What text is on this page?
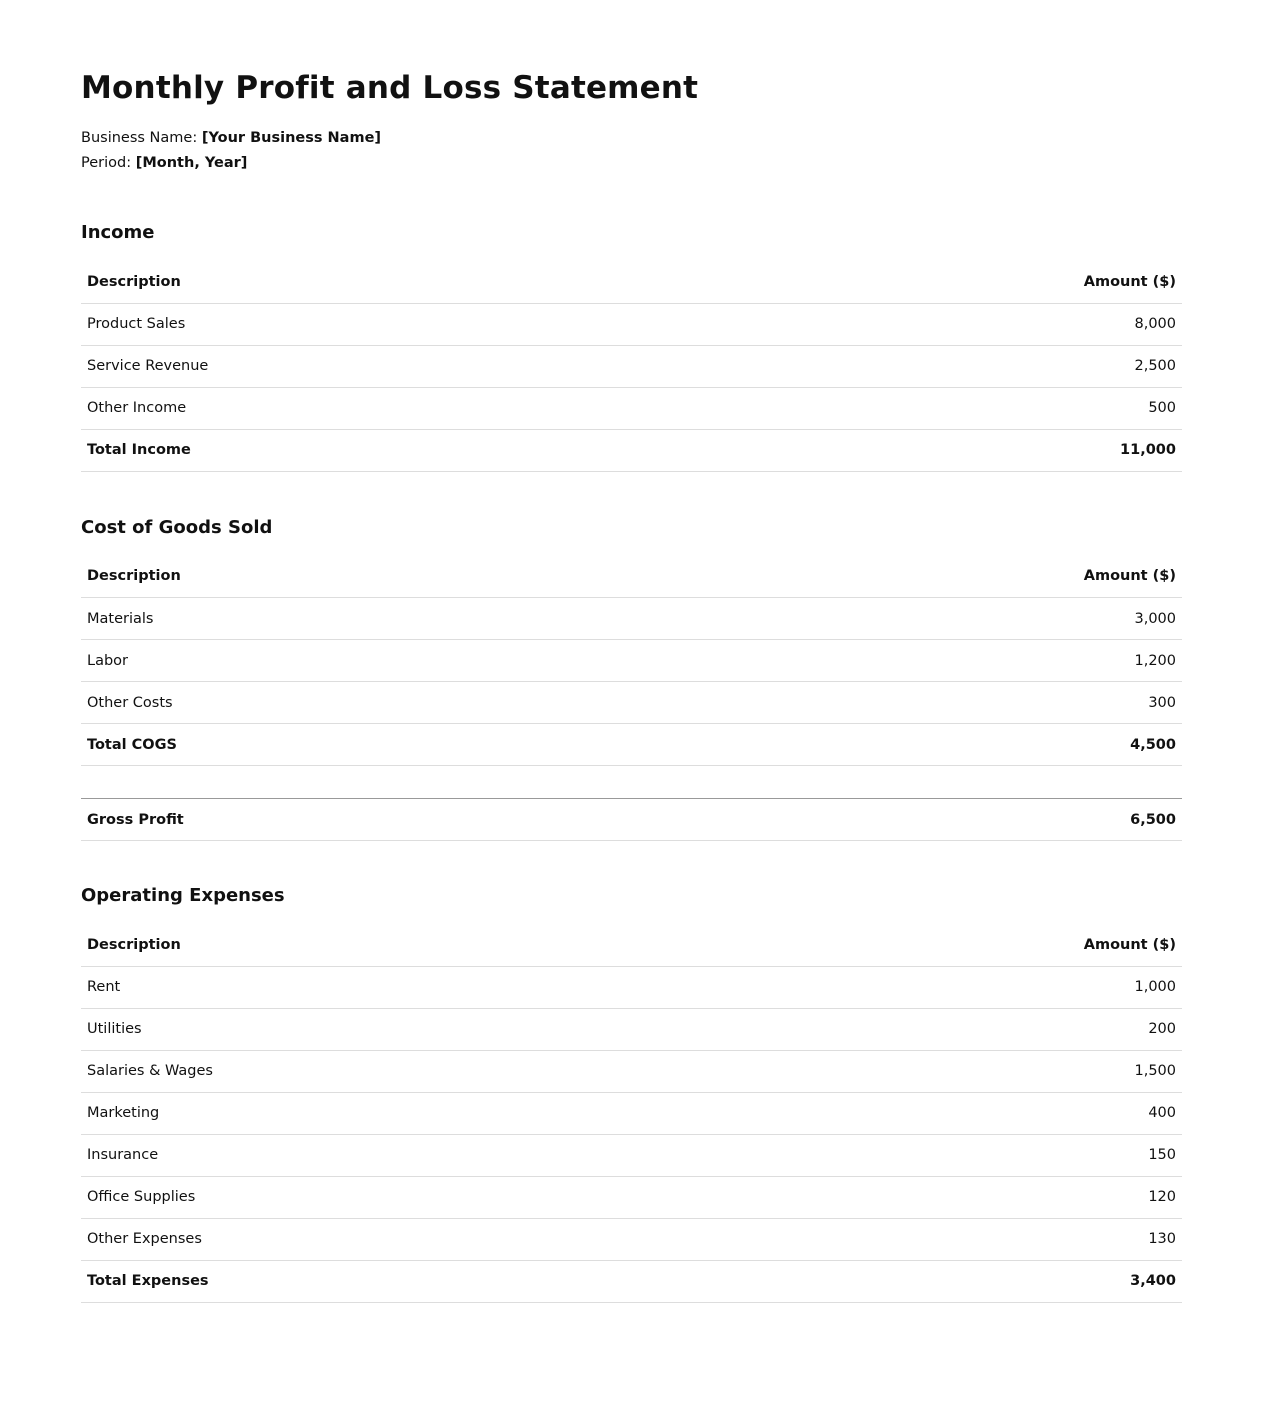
Monthly Profit and Loss Statement

Business Name: [Your Business Name]

Period: [Month, Year]

Income
Description	Amount ($)
Product Sales	8,000
Service Revenue	2,500
Other Income	500
Total Income	11,000
Cost of Goods Sold
Description	Amount ($)
Materials	3,000
Labor	1,200
Other Costs	300
Total COGS	4,500
Gross Profit	6,500
Operating Expenses
Description	Amount ($)
Rent	1,000
Utilities	200
Salaries & Wages	1,500
Marketing	400
Insurance	150
Office Supplies	120
Other Expenses	130
Total Expenses	3,400
